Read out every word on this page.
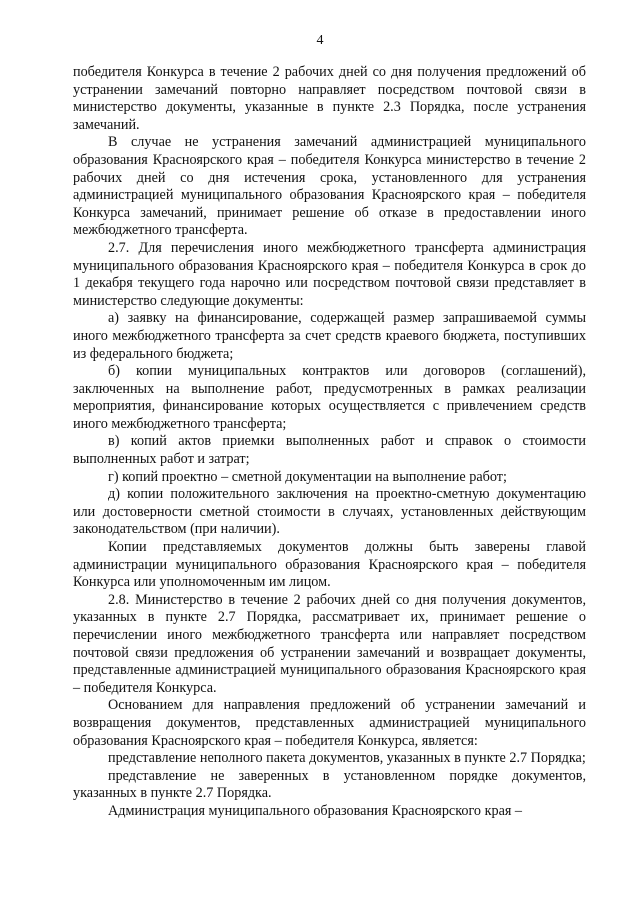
4

победителя Конкурса в течение 2 рабочих дней со дня получения предложений об устранении замечаний повторно направляет посредством почтовой связи в министерство документы, указанные в пункте 2.3 Порядка, после устранения замечаний.

В случае не устранения замечаний администрацией муниципального образования Красноярского края – победителя Конкурса министерство в течение 2 рабочих дней со дня истечения срока, установленного для устранения администрацией муниципального образования Красноярского края – победителя Конкурса замечаний, принимает решение об отказе в предоставлении иного межбюджетного трансферта.

2.7. Для перечисления иного межбюджетного трансферта администрация муниципального образования Красноярского края – победителя Конкурса в срок до 1 декабря текущего года нарочно или посредством почтовой связи представляет в министерство следующие документы:

а) заявку на финансирование, содержащей размер запрашиваемой суммы иного межбюджетного трансферта за счет средств краевого бюджета, поступивших из федерального бюджета;

б) копии муниципальных контрактов или договоров (соглашений), заключенных на выполнение работ, предусмотренных в рамках реализации мероприятия, финансирование которых осуществляется с привлечением средств иного межбюджетного трансферта;

в) копий актов приемки выполненных работ и справок о стоимости выполненных работ и затрат;

г) копий проектно – сметной документации на выполнение работ;

д) копии положительного заключения на проектно-сметную документацию или достоверности сметной стоимости в случаях, установленных действующим законодательством (при наличии).

Копии представляемых документов должны быть заверены главой администрации муниципального образования Красноярского края – победителя Конкурса или уполномоченным им лицом.

2.8. Министерство в течение 2 рабочих дней со дня получения документов, указанных в пункте 2.7 Порядка, рассматривает их, принимает решение о перечислении иного межбюджетного трансферта или направляет посредством почтовой связи предложения об устранении замечаний и возвращает документы, представленные администрацией муниципального образования Красноярского края – победителя Конкурса.

Основанием для направления предложений об устранении замечаний и возвращения документов, представленных администрацией муниципального образования Красноярского края – победителя Конкурса, является:

представление неполного пакета документов, указанных в пункте 2.7 Порядка;

представление не заверенных в установленном порядке документов, указанных в пункте 2.7 Порядка.

Администрация муниципального образования Красноярского края –
